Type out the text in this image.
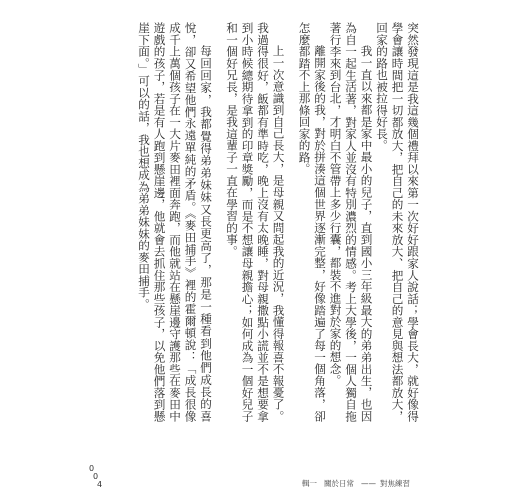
突然發現這是我這幾個禮拜以來第一次好好跟家人說話；學會長大，就好像得學會讓時間把一切都放大，把自己的未來放大、把自己的意見與想法都放大，回家的路也被拉得好長。

我一直以來都是家中最小的兒子，直到國小三年級最大的弟弟出生，也因為自一起生活著，對家人並沒有特別濃烈的情感。考上大學後，一個人獨自拖著行李來到台北，才明白不管帶上多少行囊，都裝不進對於家的想念。

離開家後的我，對於拼湊這個世界逐漸完整，好像踏遍了每一個角落，卻怎麼都踏不上那條回家的路。

上一次意識到自己長大，是母親又問起我的近況，我懂得報喜不報憂了。我過得很好，飯都有準時吃，晚上沒有太晚睡，對母親撒點小謊並不是想要拿到小時候總期待拿到的印章獎勵，而是不想讓母親擔心；如何成為一個好兒子和一個好兄長，是我這輩子一直在學習的事。

每回回家，我都覺得弟弟妹妹又長更高了，那是一種看到他們成長的喜悅，卻又希望他們永遠單純的矛盾。《麥田捕手》裡的霍爾頓說：「成長很像成千上萬個孩子在一大片麥田裡面奔跑，而他就站在懸崖邊守護那些在麥田中遊戲的孩子，若是有人跑到懸崖邊，他就會去抓住那些孩子，以免他們落到懸崖下面。」可以的話，我也想成為弟弟妹妹的麥田捕手。

0
0
4	輯一 關於日常 —— 對焦練習
